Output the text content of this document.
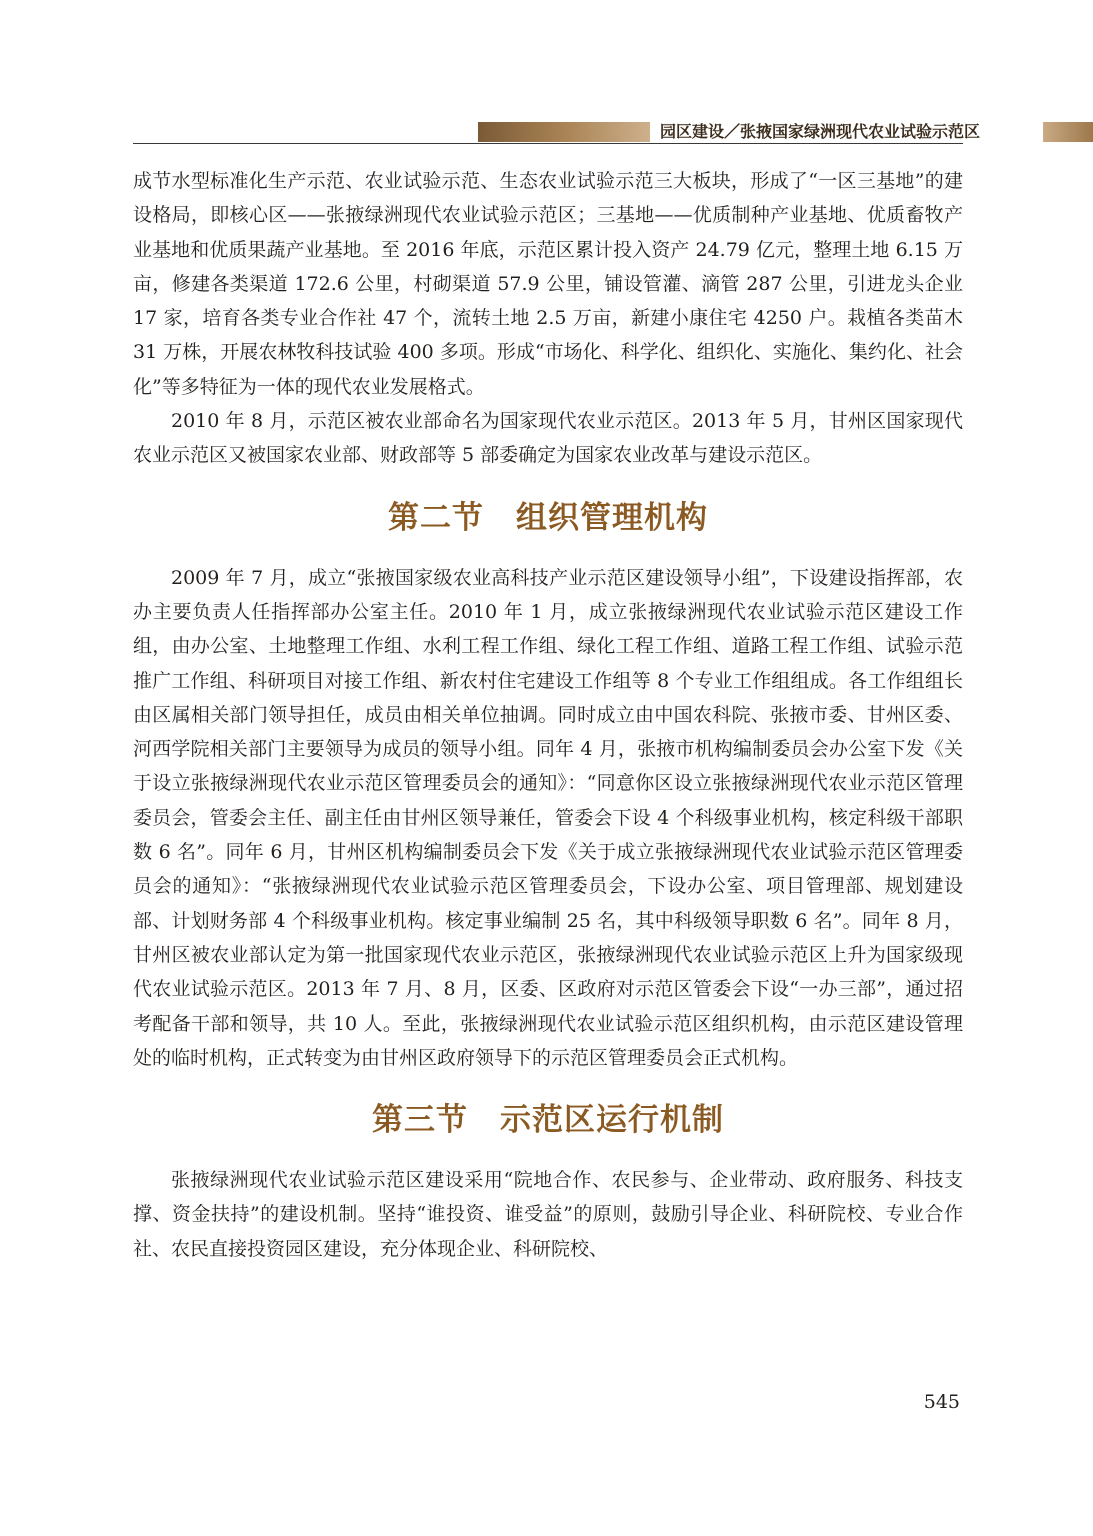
园区建设／张掖国家绿洲现代农业试验示范区

成节水型标准化生产示范、农业试验示范、生态农业试验示范三大板块，形成了“一区三基地”的建设格局，即核心区——张掖绿洲现代农业试验示范区；三基地——优质制种产业基地、优质畜牧产业基地和优质果蔬产业基地。至 2016 年底，示范区累计投入资产 24.79 亿元，整理土地 6.15 万亩，修建各类渠道 172.6 公里，村砌渠道 57.9 公里，铺设管灌、滴管 287 公里，引进龙头企业 17 家，培育各类专业合作社 47 个，流转土地 2.5 万亩，新建小康住宅 4250 户。栽植各类苗木 31 万株，开展农林牧科技试验 400 多项。形成“市场化、科学化、组织化、实施化、集约化、社会化”等多特征为一体的现代农业发展格式。

2010 年 8 月，示范区被农业部命名为国家现代农业示范区。2013 年 5 月，甘州区国家现代农业示范区又被国家农业部、财政部等 5 部委确定为国家农业改革与建设示范区。

第二节　组织管理机构

2009 年 7 月，成立“张掖国家级农业高科技产业示范区建设领导小组”，下设建设指挥部，农办主要负责人任指挥部办公室主任。2010 年 1 月，成立张掖绿洲现代农业试验示范区建设工作组，由办公室、土地整理工作组、水利工程工作组、绿化工程工作组、道路工程工作组、试验示范推广工作组、科研项目对接工作组、新农村住宅建设工作组等 8 个专业工作组组成。各工作组组长由区属相关部门领导担任，成员由相关单位抽调。同时成立由中国农科院、张掖市委、甘州区委、河西学院相关部门主要领导为成员的领导小组。同年 4 月，张掖市机构编制委员会办公室下发《关于设立张掖绿洲现代农业示范区管理委员会的通知》：“同意你区设立张掖绿洲现代农业示范区管理委员会，管委会主任、副主任由甘州区领导兼任，管委会下设 4 个科级事业机构，核定科级干部职数 6 名”。同年 6 月，甘州区机构编制委员会下发《关于成立张掖绿洲现代农业试验示范区管理委员会的通知》：“张掖绿洲现代农业试验示范区管理委员会，下设办公室、项目管理部、规划建设部、计划财务部 4 个科级事业机构。核定事业编制 25 名，其中科级领导职数 6 名”。同年 8 月，甘州区被农业部认定为第一批国家现代农业示范区，张掖绿洲现代农业试验示范区上升为国家级现代农业试验示范区。2013 年 7 月、8 月，区委、区政府对示范区管委会下设“一办三部”，通过招考配备干部和领导，共 10 人。至此，张掖绿洲现代农业试验示范区组织机构，由示范区建设管理处的临时机构，正式转变为由甘州区政府领导下的示范区管理委员会正式机构。

第三节　示范区运行机制

张掖绿洲现代农业试验示范区建设采用“院地合作、农民参与、企业带动、政府服务、科技支撑、资金扶持”的建设机制。坚持“谁投资、谁受益”的原则，鼓励引导企业、科研院校、专业合作社、农民直接投资园区建设，充分体现企业、科研院校、

545
